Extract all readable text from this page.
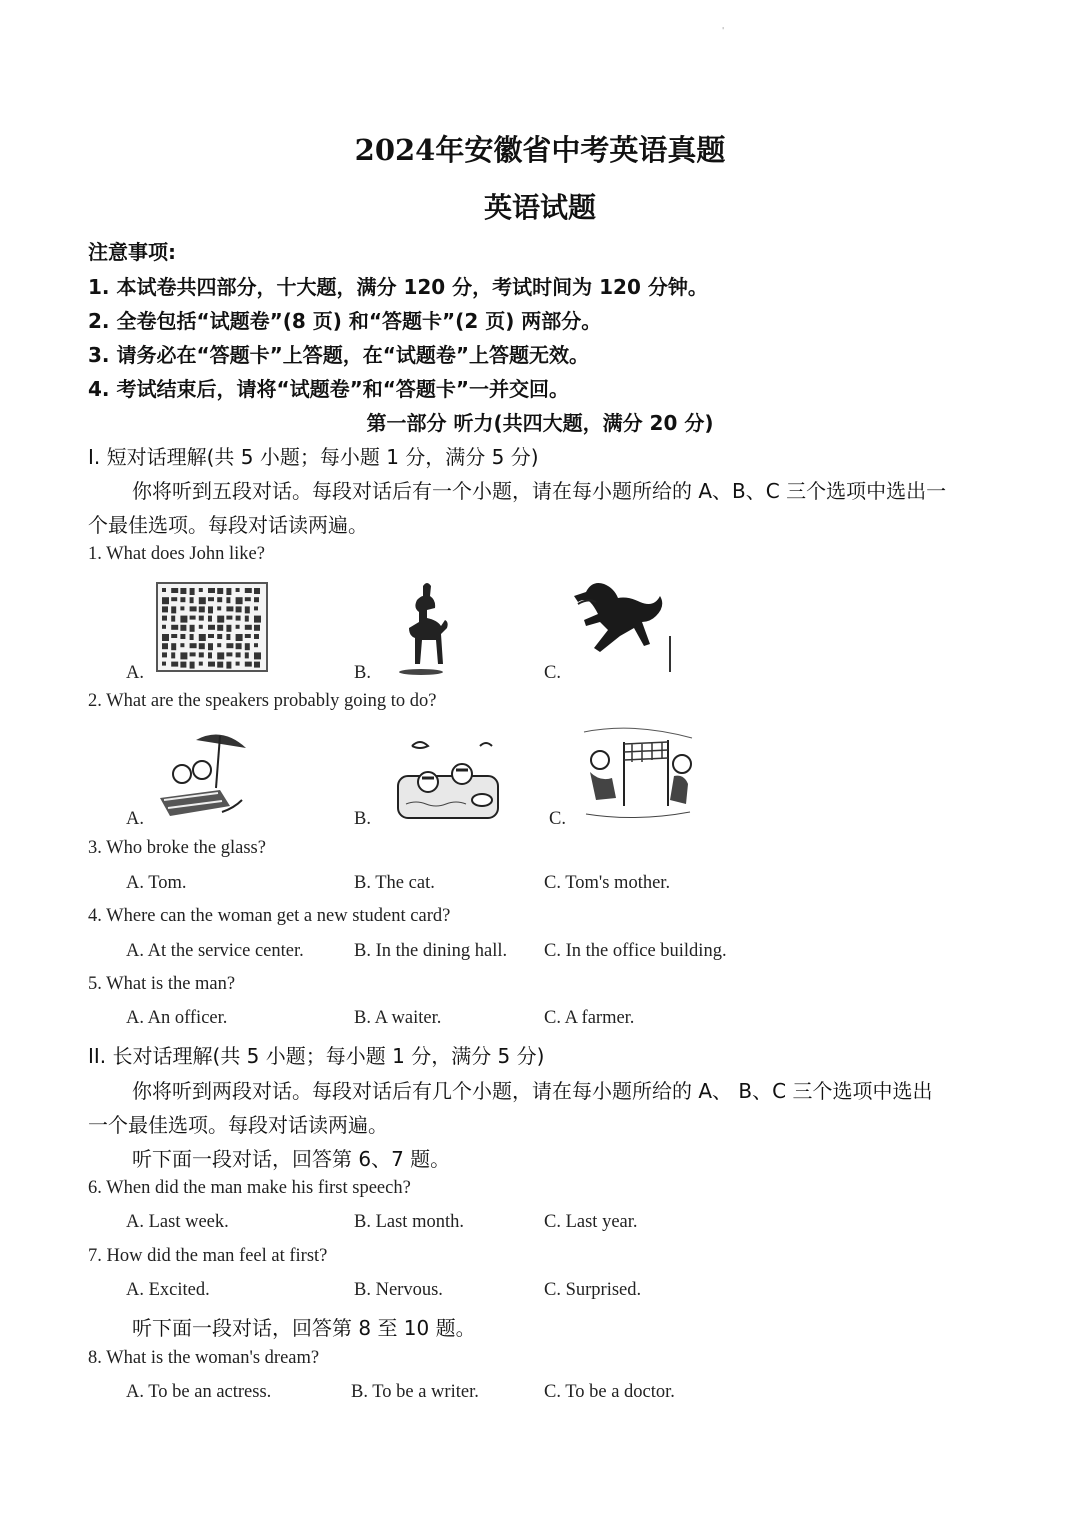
'
2024年安徽省中考英语真题
英语试题
注意事项:
1. 本试卷共四部分，十大题，满分 120 分，考试时间为 120 分钟。
2. 全卷包括“试题卷”(8 页) 和“答题卡”(2 页) 两部分。
3. 请务必在“答题卡”上答题，在“试题卷”上答题无效。
4. 考试结束后，请将“试题卷”和“答题卡”一并交回。
第一部分 听力(共四大题，满分 20 分)
I. 短对话理解(共 5 小题；每小题 1 分，满分 5 分)
你将听到五段对话。每段对话后有一个小题，请在每小题所给的 A、B、C 三个选项中选出一
个最佳选项。每段对话读两遍。
1. What does John like?
A.	B.	C.
2. What are the speakers probably going to do?
A.	B.	C.
3. Who broke the glass?
A. Tom.	B. The cat.	C. Tom's mother.
4. Where can the woman get a new student card?
A. At the service center.	B. In the dining hall. C. In the office building.
5. What is the man?
A. An officer.	B. A waiter.	C. A farmer.
II. 长对话理解(共 5 小题；每小题 1 分，满分 5 分)
你将听到两段对话。每段对话后有几个小题，请在每小题所给的 A、 B、C 三个选项中选出
一个最佳选项。每段对话读两遍。
听下面一段对话，回答第 6、7 题。
6. When did the man make his first speech?
A. Last week.	B. Last month.	C. Last year.
7. How did the man feel at first?
A. Excited.	B. Nervous.	C. Surprised.
听下面一段对话，回答第 8 至 10 题。
8. What is the woman's dream?
A. To be an actress.	B. To be a writer.	C. To be a doctor.
